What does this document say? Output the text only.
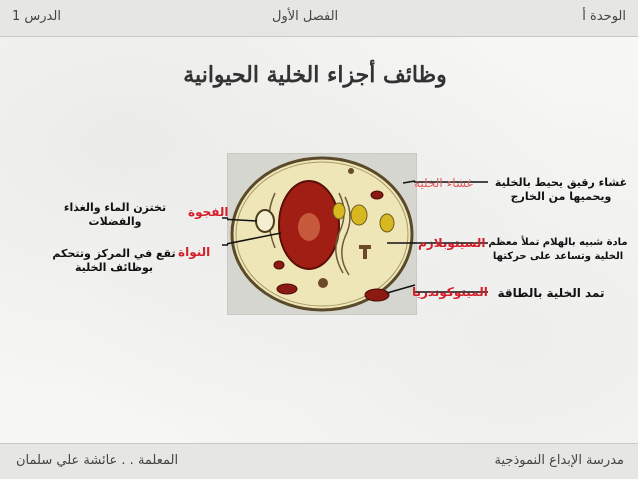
الوحدة أ
الفصل الأول
الدرس 1
وظائف أجزاء الخلية الحيوانية
غشاء الخلية
السيتوبلازم
الميتوكوندريا
الفجوة
النواة
غشاء رقيق يحيط بالخلية
ويحميها من الخارج
مادة شبيه بالهلام تملأ معظم
الخلية وتساعد على حركتها
تمد الخلية بالطاقة
تختزن الماء والغذاء
والفضلات
تقع في المركز وتتحكم
بوظائف الخلية
مدرسة الإبداع النموذجية
المعلمة . . عائشة علي سلمان
